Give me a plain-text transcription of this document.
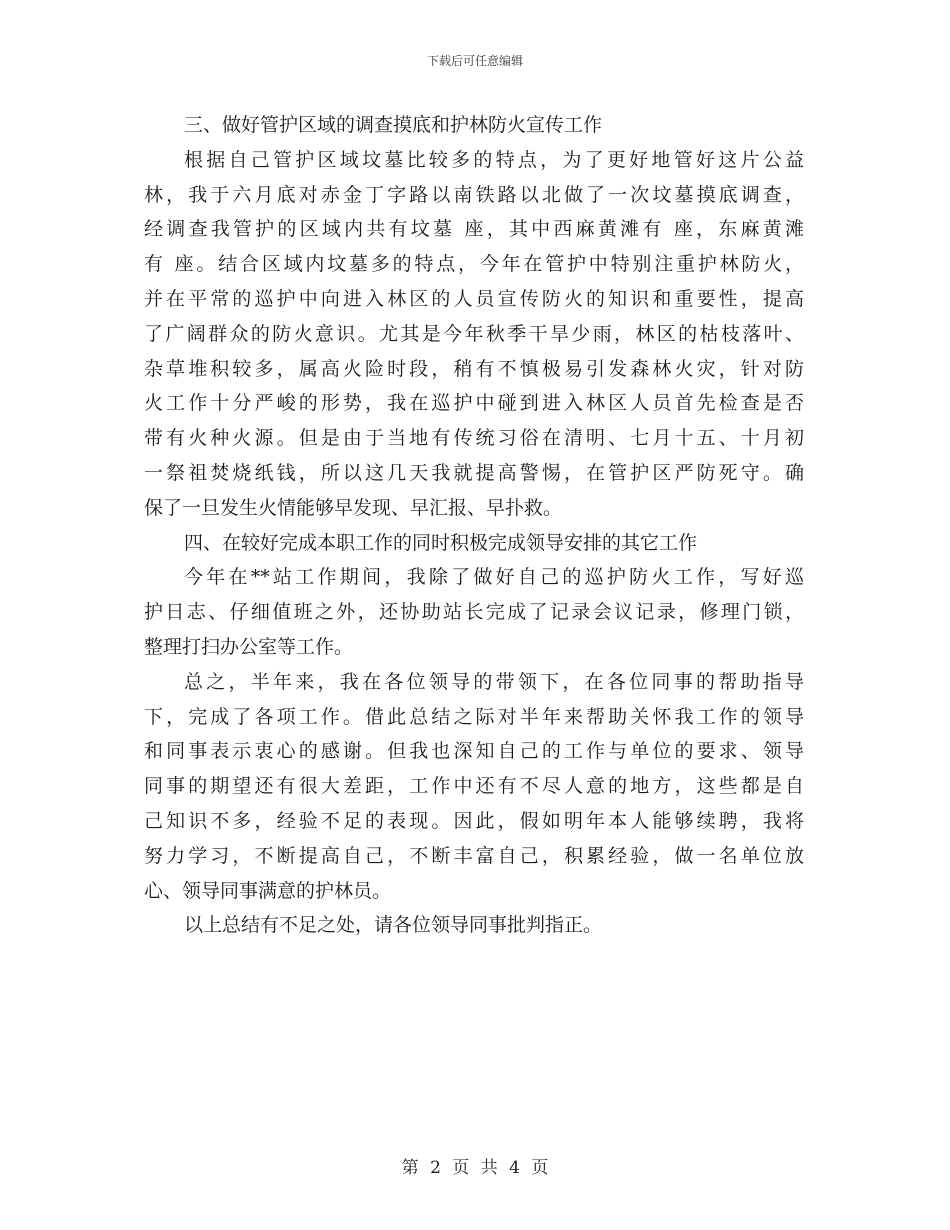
下载后可任意编辑
三、做好管护区域的调查摸底和护林防火宣传工作
根据自己管护区域坟墓比较多的特点，为了更好地管好这片公益
林，我于六月底对赤金丁字路以南铁路以北做了一次坟墓摸底调查，
经调查我管护的区域内共有坟墓 座，其中西麻黄滩有 座，东麻黄滩
有 座。结合区域内坟墓多的特点，今年在管护中特别注重护林防火，
并在平常的巡护中向进入林区的人员宣传防火的知识和重要性，提高
了广阔群众的防火意识。尤其是今年秋季干旱少雨，林区的枯枝落叶、
杂草堆积较多，属高火险时段，稍有不慎极易引发森林火灾，针对防
火工作十分严峻的形势，我在巡护中碰到进入林区人员首先检查是否
带有火种火源。但是由于当地有传统习俗在清明、七月十五、十月初
一祭祖焚烧纸钱，所以这几天我就提高警惕，在管护区严防死守。确
保了一旦发生火情能够早发现、早汇报、早扑救。
四、在较好完成本职工作的同时积极完成领导安排的其它工作
今年在**站工作期间，我除了做好自己的巡护防火工作，写好巡
护日志、仔细值班之外，还协助站长完成了记录会议记录，修理门锁，
整理打扫办公室等工作。
总之，半年来，我在各位领导的带领下，在各位同事的帮助指导
下，完成了各项工作。借此总结之际对半年来帮助关怀我工作的领导
和同事表示衷心的感谢。但我也深知自己的工作与单位的要求、领导
同事的期望还有很大差距，工作中还有不尽人意的地方，这些都是自
己知识不多，经验不足的表现。因此，假如明年本人能够续聘，我将
努力学习，不断提高自己，不断丰富自己，积累经验，做一名单位放
心、领导同事满意的护林员。
以上总结有不足之处，请各位领导同事批判指正。
第 2 页 共 4 页
